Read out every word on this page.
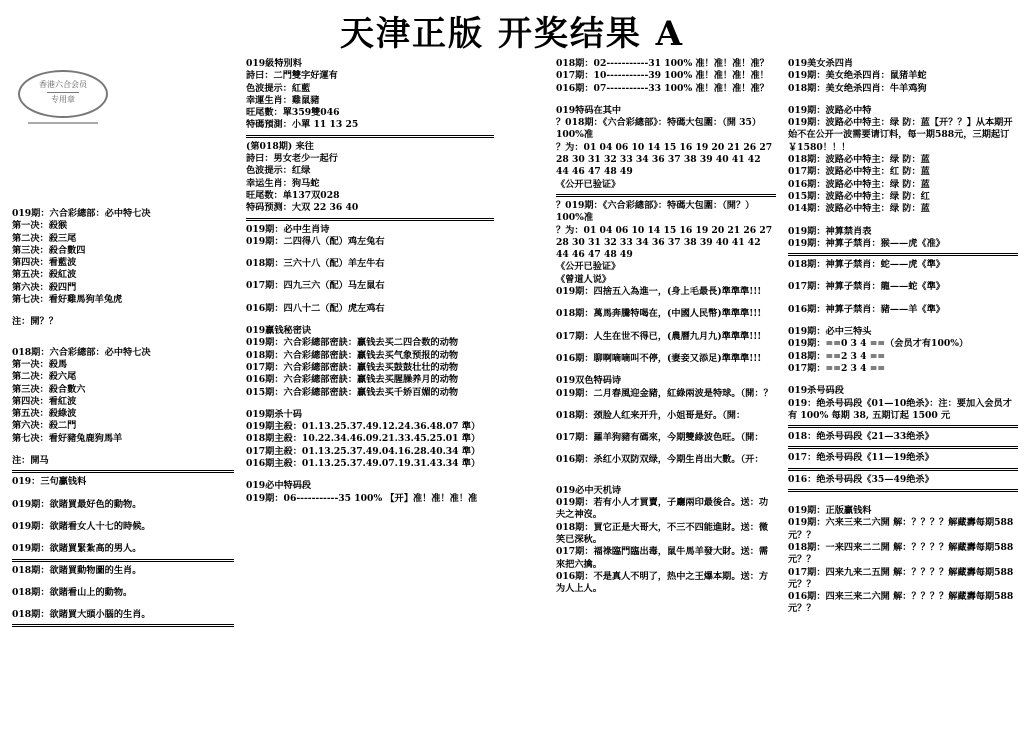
天津正版 开奖结果 A
香港六合会员
专用章
019期：六合彩總部：必中特七决
第一决：殺猴
第二决：殺三尾
第三决：殺合數四
第四决：看藍波
第五决：殺紅波
第六决：殺四門
第七决：看好雞馬狗羊兔虎
注：開？？
018期：六合彩總部：必中特七决
第一决：殺馬
第二决：殺六尾
第三决：殺合數六
第四决：看紅波
第五决：殺綠波
第六决：殺二門
第七决：看好豬兔鹿狗馬羊
注：開马
019：三句贏钱料
019期：欲賭買最好色的動物。
019期：欲賭看女人十七的時候。
019期：欲賭買緊紮高的男人。
018期：欲賭買動物圖的生肖。
018期：欲賭看山上的動物。
018期：欲賭買大頭小腦的生肖。
019級特別料
詩曰：二門雙字好運有
色波提示：紅藍
幸運生肖：雞鼠豬
旺尾數：單359雙046
特碼預測：小單 11 13 25
(第018期) 来往
詩曰：男女老少一起行
色波提示：红绿
幸运生肖：狗马蛇
旺尾数：单137双028
特码预测：大双 22 36 40
019期：必中生肖诗
019期：二四得八（配）鸡左兔右
018期：三六十八（配）羊左牛右
017期：四九三六（配）马左鼠右
016期：四八十二（配）虎左鸡右
019贏钱秘密诀
019期：六合彩總部密訣：贏钱去买二四合数的动物
018期：六合彩總部密訣：贏钱去买气象预报的动物
017期：六合彩總部密訣：贏钱去买鼓鼓壮壮的动物
016期：六合彩總部密訣：贏钱去买腥臊养月的动物
015期：六合彩總部密訣：贏钱去买千娇百媚的动物
019期杀十码
019期主殺：01.13.25.37.49.12.24.36.48.07 準）
018期主殺：10.22.34.46.09.21.33.45.25.01 準）
017期主殺：01.13.25.37.49.04.16.28.40.34 準）
016期主殺：01.13.25.37.49.07.19.31.43.34 準）
019必中特码段
019期：06-----------35 100% 【开】准！准！准！准
018期：02-----------31 100% 准！准！准！准？
017期：10-----------39 100% 准！准！准！准！
016期：07-----------33 100% 准！准！准！准？
019特码在其中
？018期：《六合彩總部》：特碼大包圍：（開 35）100%准
？为：01 04 06 10 14 15 16 19 20 21 26 27 28 30 31 32 33 34 36 37 38 39 40 41 42 44 46 47 48 49
《公开已验证》
？019期：《六合彩總部》：特碼大包圍：（開？）100%准
？为：01 04 06 10 14 15 16 19 20 21 26 27 28 30 31 32 33 34 36 37 38 39 40 41 42 44 46 47 48 49
《公开已验证》
《曾道人说》
019期：四捨五入為進一，(身上毛最長)準準準!!!
018期：萬馬奔騰特喝在，(中國人民幣)準準準!!!
017期：人生在世不得已，(農曆九月九)準準準!!!
016期：聊啊嘀嘀叫不停，(妻妾又添足)準準準!!!
019双色特码诗
019期：二月春風迎金豬，紅綠兩波是特球。（開：？
018期：颈脸人红来开升，小姐哥是好。（開：
017期：羅羊狗豬有碼來，今期雙綠波色旺。（開：
016期：杀红小双防双绿，今期生肖出大數。（开：
019必中天机诗
019期：若有小人才買賣，子廳兩印最後合。送：功夫之神沒。
018期：買它正是大哥大，不三不四能進財。送：微笑已深秋。
017期：福祿臨門臨出毒，鼠牛馬羊發大財。送：需來把六擒。
016期：不是真人不明了，热中之王爆本期。送：方为人上人。
019美女杀四肖
019期：美女绝杀四肖：鼠猪羊蛇
018期：美女绝杀四肖：牛羊鸡狗
019期：波路必中特
019期：波路必中特主：绿 防：蓝【开？？】从本期开始不在公开一波需要请订料，每一期588元，三期起订￥1580！！！
018期：波路必中特主：绿 防：蓝
017期：波路必中特主：红 防：蓝
016期：波路必中特主：绿 防：蓝
015期：波路必中特主：绿 防：红
014期：波路必中特主：绿 防：蓝
019期：神算禁肖表
019期：神算子禁肖：猴——虎《准》
018期：神算子禁肖：蛇——虎《準》
017期：神算子禁肖：龍——蛇《準》
016期：神算子禁肖：豬——羊《準》
019期：必中三特头
019期：==0 3 4 ==（会员才有100%）
018期：==2 3 4 ==
017期：==2 3 4 ==
019杀号码段
019：绝杀号码段《01—10绝杀》：注：要加入会员才有 100% 每期 38, 五期订起 1500 元
018：绝杀号码段《21—33绝杀》
017：绝杀号码段《11—19绝杀》
016：绝杀号码段《35—49绝杀》
019期：正版贏钱料
019期：六来三来二六開 解：？？？？解藏壽每期588元？？
018期：一来四来二二開 解：？？？？解藏壽每期588元？？
017期：四来九来二五開 解：？？？？解藏壽每期588元？？
016期：四来三来二六開 解：？？？？解藏壽每期588元？？
